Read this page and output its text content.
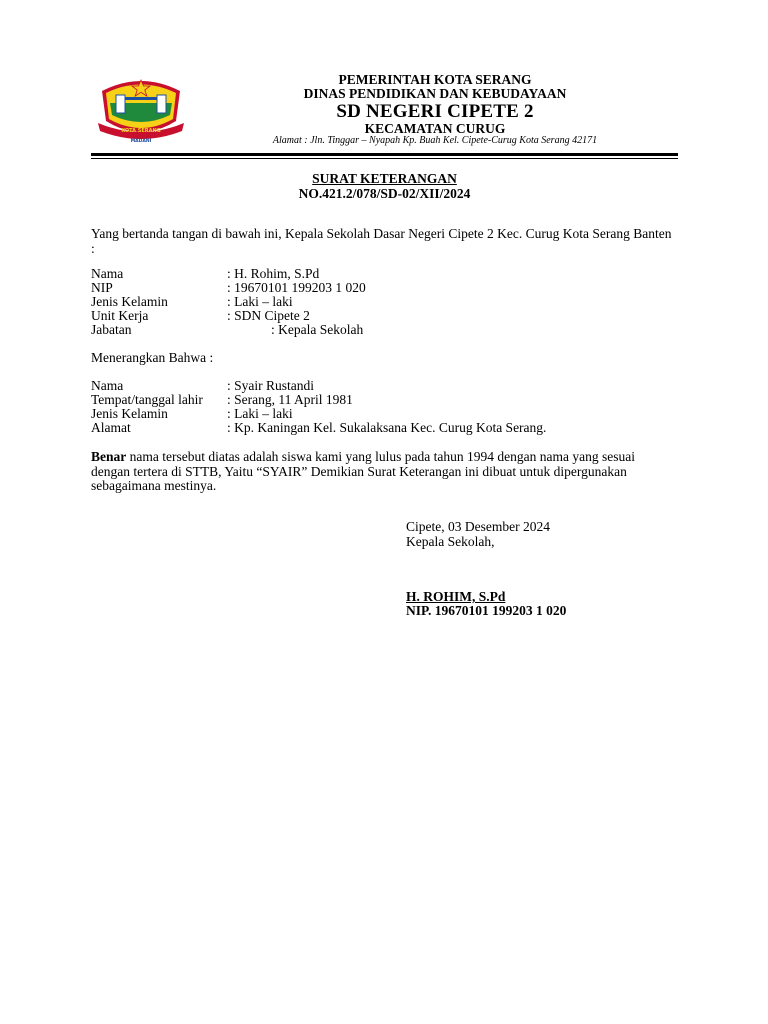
KOTA SERANG
MADANI
PEMERINTAH KOTA SERANG
DINAS PENDIDIKAN DAN KEBUDAYAAN
SD NEGERI CIPETE 2
KECAMATAN CURUG
Alamat : Jln. Tinggar – Nyapah Kp. Buah Kel. Cipete-Curug Kota Serang 42171
SURAT KETERANGAN
NO.421.2/078/SD-02/XII/2024
Yang bertanda tangan di bawah ini, Kepala Sekolah Dasar Negeri Cipete 2 Kec. Curug Kota Serang Banten :
Nama	: H. Rohim, S.Pd
NIP	: 19670101 199203 1 020
Jenis Kelamin	: Laki – laki
Unit Kerja	: SDN Cipete 2
Jabatan	: Kepala Sekolah
Menerangkan Bahwa :
Nama	: Syair Rustandi
Tempat/tanggal lahir : Serang, 11 April 1981
Jenis Kelamin	: Laki – laki
Alamat	: Kp. Kaningan Kel. Sukalaksana Kec. Curug Kota Serang.
Benar nama tersebut diatas adalah siswa kami yang lulus pada tahun 1994 dengan nama yang sesuai dengan tertera di STTB, Yaitu “SYAIR” Demikian Surat Keterangan ini dibuat untuk dipergunakan sebagaimana mestinya.
Cipete, 03 Desember 2024
Kepala Sekolah,
H. ROHIM, S.Pd
NIP. 19670101 199203 1 020
